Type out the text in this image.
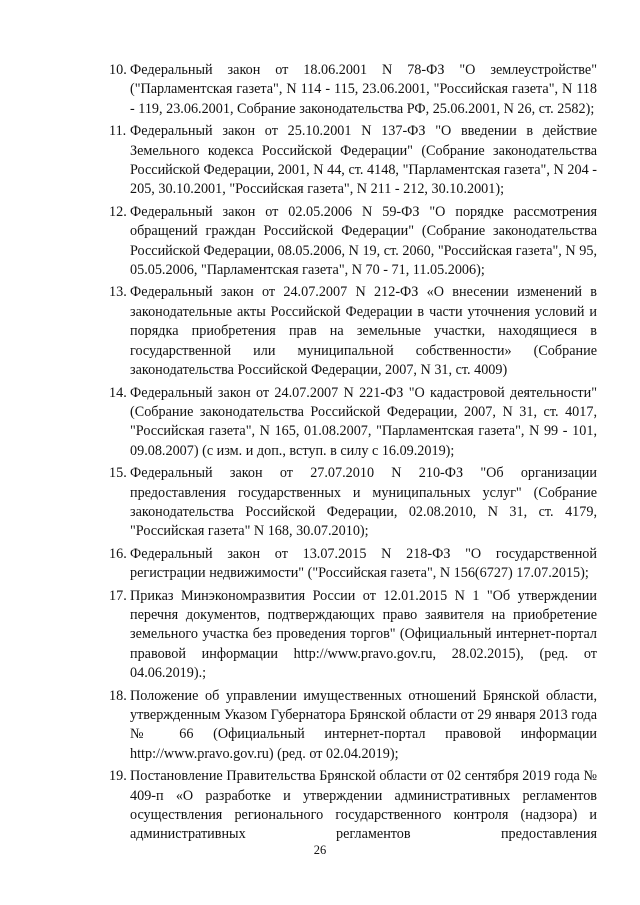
10. Федеральный закон от 18.06.2001 N 78-ФЗ "О землеустройстве" ("Парламентская газета", N 114 - 115, 23.06.2001, "Российская газета", N 118 - 119, 23.06.2001, Собрание законодательства РФ, 25.06.2001, N 26, ст. 2582);
11. Федеральный закон от 25.10.2001 N 137-ФЗ "О введении в действие Земельного кодекса Российской Федерации" (Собрание законодательства Российской Федерации, 2001, N 44, ст. 4148, "Парламентская газета", N 204 - 205, 30.10.2001, "Российская газета", N 211 - 212, 30.10.2001);
12. Федеральный закон от 02.05.2006 N 59-ФЗ "О порядке рассмотрения обращений граждан Российской Федерации" (Собрание законодательства Российской Федерации, 08.05.2006, N 19, ст. 2060, "Российская газета", N 95, 05.05.2006, "Парламентская газета", N 70 - 71, 11.05.2006);
13. Федеральный закон от 24.07.2007 N 212-ФЗ «О внесении изменений в законодательные акты Российской Федерации в части уточнения условий и порядка приобретения прав на земельные участки, находящиеся в государственной или муниципальной собственности» (Собрание законодательства Российской Федерации, 2007, N 31, ст. 4009)
14. Федеральный закон от 24.07.2007 N 221-ФЗ "О кадастровой деятельности" (Собрание законодательства Российской Федерации, 2007, N 31, ст. 4017, "Российская газета", N 165, 01.08.2007, "Парламентская газета", N 99 - 101, 09.08.2007) (с изм. и доп., вступ. в силу с 16.09.2019);
15. Федеральный закон от 27.07.2010 N 210-ФЗ "Об организации предоставления государственных и муниципальных услуг" (Собрание законодательства Российской Федерации, 02.08.2010, N 31, ст. 4179, "Российская газета" N 168, 30.07.2010);
16. Федеральный закон от 13.07.2015 N 218-ФЗ "О государственной регистрации недвижимости" ("Российская газета", N 156(6727) 17.07.2015);
17. Приказ Минэкономразвития России от 12.01.2015 N 1 "Об утверждении перечня документов, подтверждающих право заявителя на приобретение земельного участка без проведения торгов" (Официальный интернет-портал правовой информации http://www.pravo.gov.ru, 28.02.2015), (ред. от 04.06.2019).;
18. Положение об управлении имущественных отношений Брянской области, утвержденным Указом Губернатора Брянской области от 29 января 2013 года № 66 (Официальный интернет-портал правовой информации http://www.pravo.gov.ru) (ред. от 02.04.2019);
19. Постановление Правительства Брянской области от 02 сентября 2019 года № 409-п «О разработке и утверждении административных регламентов осуществления регионального государственного контроля (надзора) и административных регламентов предоставления
26
